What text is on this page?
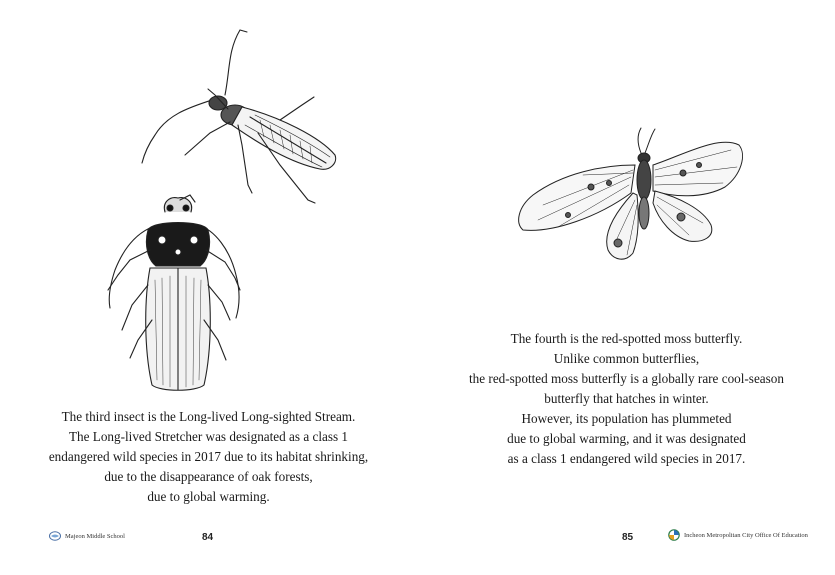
The third insect is the Long-lived Long-sighted Stream.
The Long-lived Stretcher was designated as a class 1
endangered wild species in 2017 due to its habitat shrinking,
due to the disappearance of oak forests,
due to global warming.
Majeon Middle School	84
The fourth is the red-spotted moss butterfly.
Unlike common butterflies,
the red-spotted moss butterfly is a globally rare cool-season
butterfly that hatches in winter.
However, its population has plummeted
due to global warming, and it was designated
as a class 1 endangered wild species in 2017.
85	Incheon Metropolitan City Office Of Education
